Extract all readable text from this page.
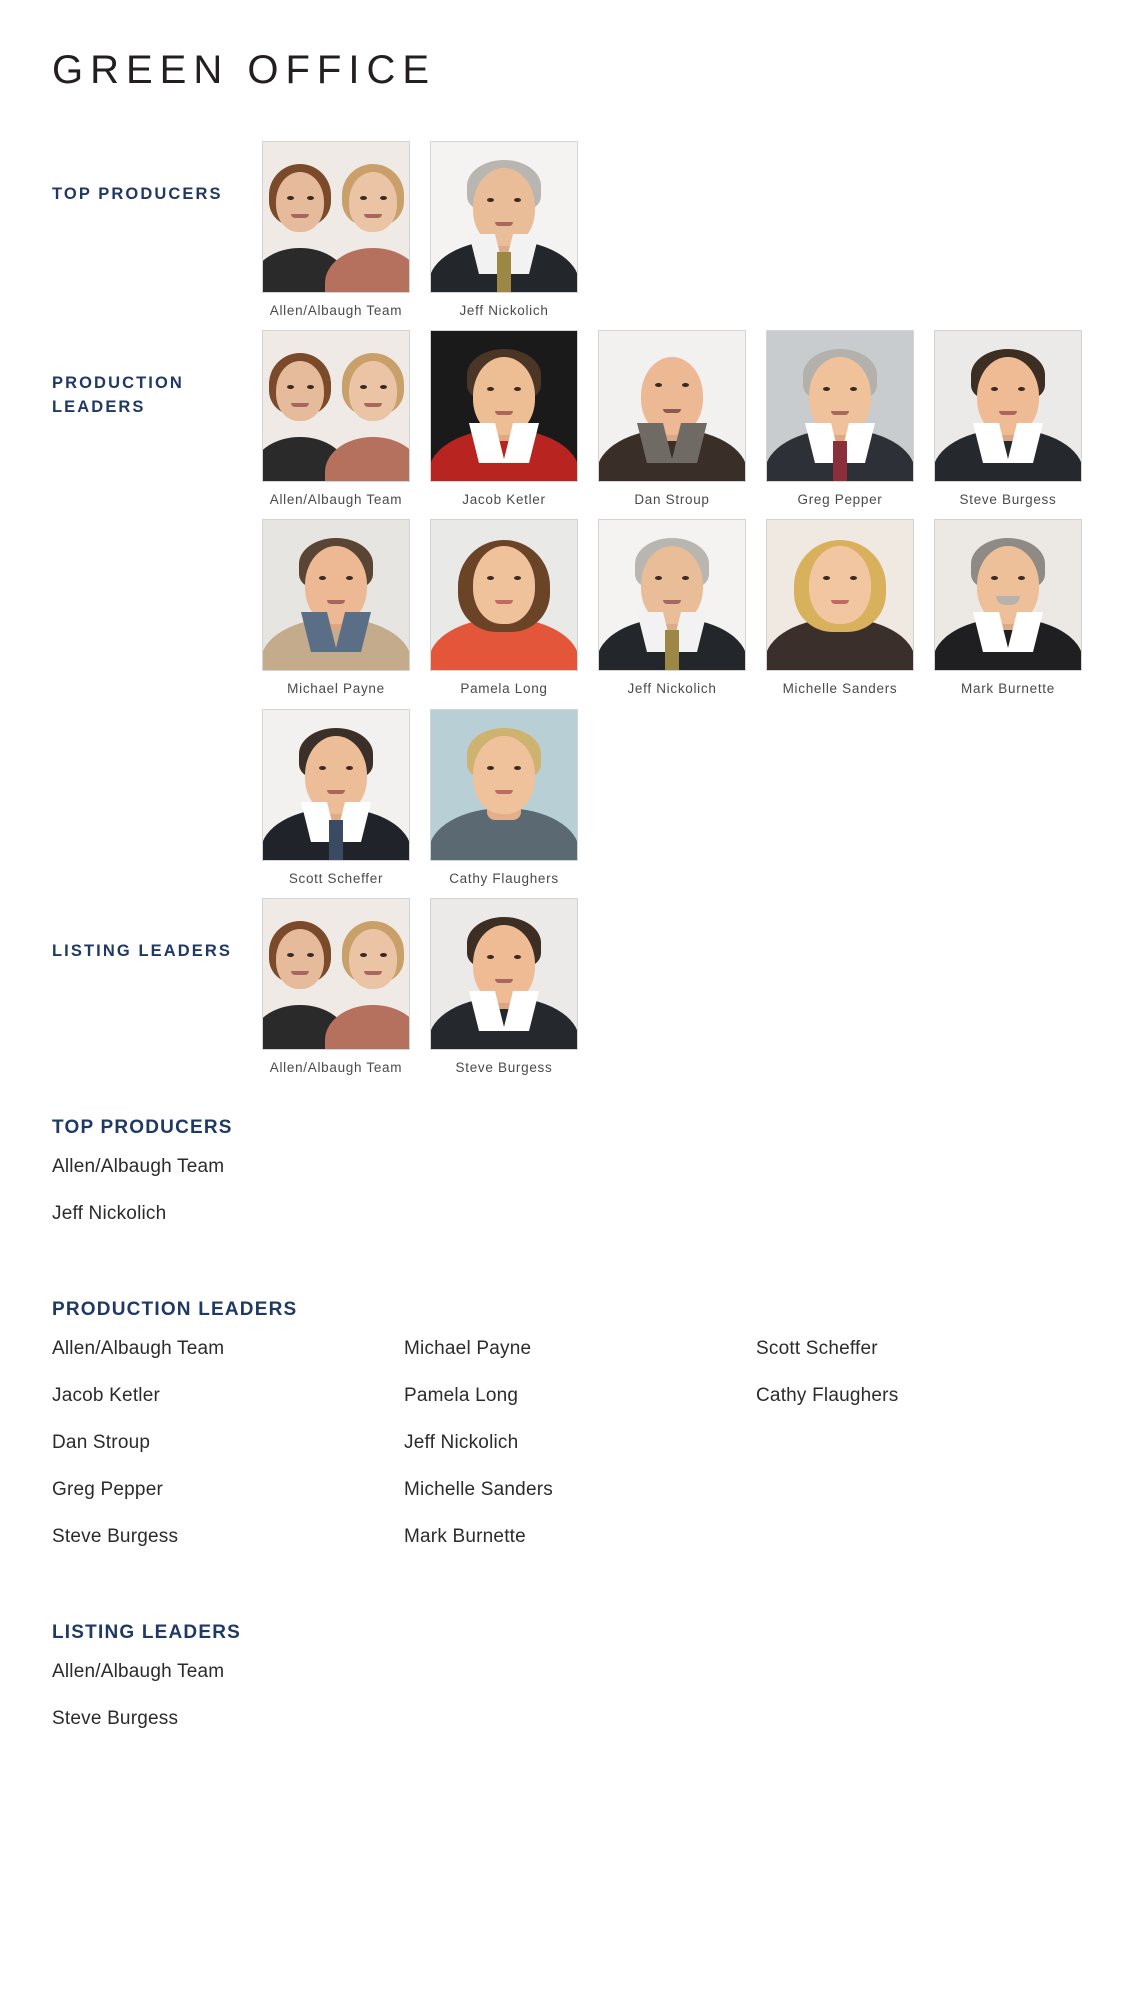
GREEN OFFICE
TOP PRODUCERS
Allen/Albaugh Team	Jeff Nickolich
PRODUCTION LEADERS
Allen/Albaugh Team	Jacob Ketler	Dan Stroup	Greg Pepper	Steve Burgess
Michael Payne	Pamela Long	Jeff Nickolich	Michelle Sanders	Mark Burnette
Scott Scheffer	Cathy Flaughers
LISTING LEADERS
Allen/Albaugh Team	Steve Burgess
TOP PRODUCERS
Allen/Albaugh Team
Jeff Nickolich
PRODUCTION LEADERS
Allen/Albaugh Team
Jacob Ketler
Dan Stroup
Greg Pepper
Steve Burgess
Michael Payne
Pamela Long
Jeff Nickolich
Michelle Sanders
Mark Burnette
Scott Scheffer
Cathy Flaughers
LISTING LEADERS
Allen/Albaugh Team
Steve Burgess
